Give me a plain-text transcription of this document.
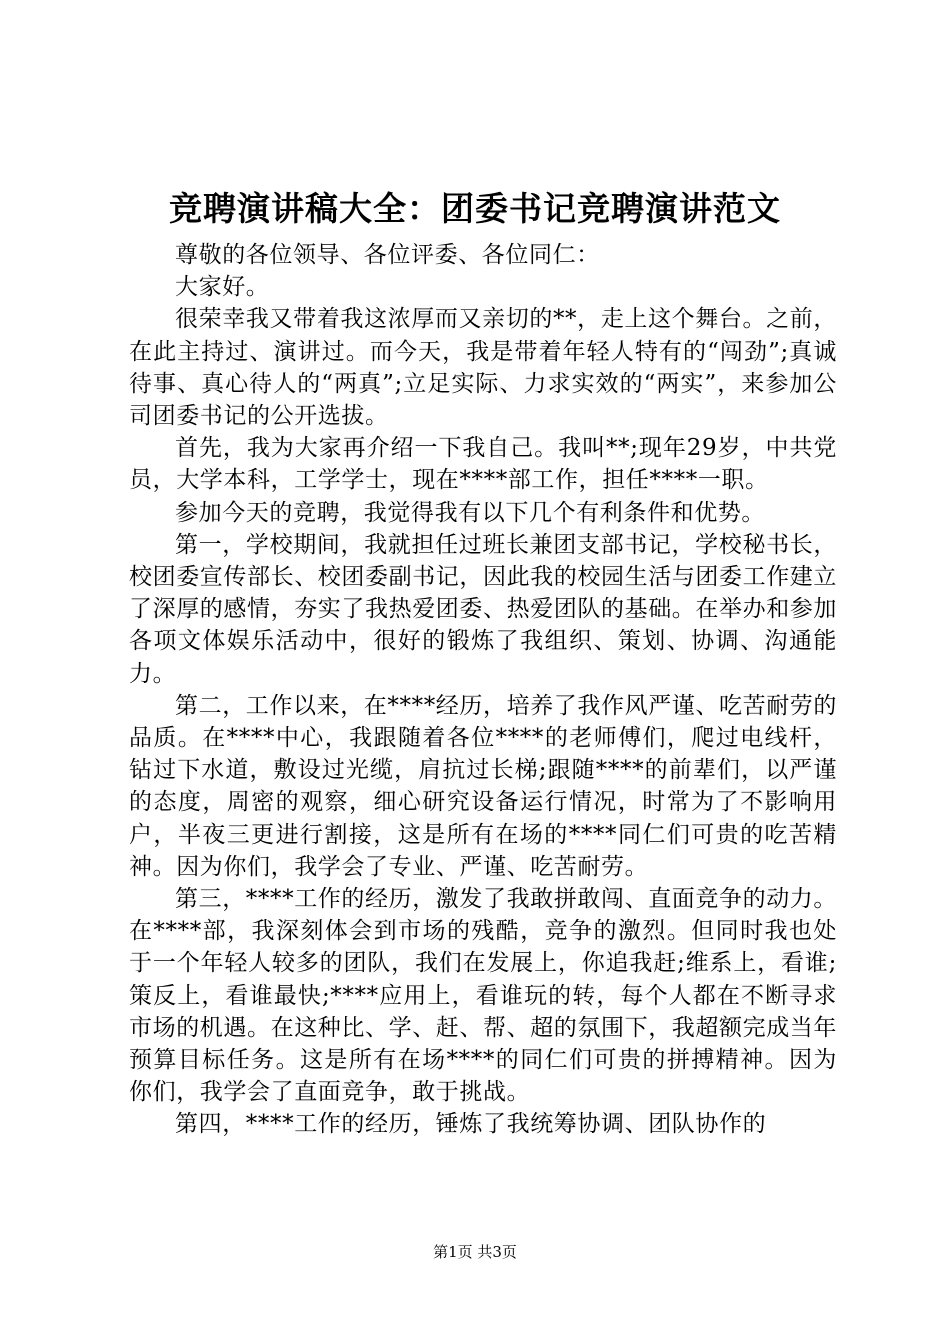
竞聘演讲稿大全：团委书记竞聘演讲范文

尊敬的各位领导、各位评委、各位同仁：

大家好。

很荣幸我又带着我这浓厚而又亲切的**，走上这个舞台。之前，在此主持过、演讲过。而今天，我是带着年轻人特有的“闯劲”;真诚待事、真心待人的“两真”;立足实际、力求实效的“两实”，来参加公司团委书记的公开选拔。

首先，我为大家再介绍一下我自己。我叫**;现年29岁，中共党员，大学本科，工学学士，现在****部工作，担任****一职。

参加今天的竞聘，我觉得我有以下几个有利条件和优势。

第一，学校期间，我就担任过班长兼团支部书记，学校秘书长，校团委宣传部长、校团委副书记，因此我的校园生活与团委工作建立了深厚的感情，夯实了我热爱团委、热爱团队的基础。在举办和参加各项文体娱乐活动中，很好的锻炼了我组织、策划、协调、沟通能力。

第二，工作以来，在****经历，培养了我作风严谨、吃苦耐劳的品质。在****中心，我跟随着各位****的老师傅们，爬过电线杆，钻过下水道，敷设过光缆，肩抗过长梯;跟随****的前辈们，以严谨的态度，周密的观察，细心研究设备运行情况，时常为了不影响用户，半夜三更进行割接，这是所有在场的****同仁们可贵的吃苦精神。因为你们，我学会了专业、严谨、吃苦耐劳。

第三，****工作的经历，激发了我敢拼敢闯、直面竞争的动力。在****部，我深刻体会到市场的残酷，竞争的激烈。但同时我也处于一个年轻人较多的团队，我们在发展上，你追我赶;维系上，看谁;策反上，看谁最快;****应用上，看谁玩的转，每个人都在不断寻求市场的机遇。在这种比、学、赶、帮、超的氛围下，我超额完成当年预算目标任务。这是所有在场****的同仁们可贵的拼搏精神。因为你们，我学会了直面竞争，敢于挑战。

第四，****工作的经历，锤炼了我统筹协调、团队协作的

第1页 共3页
